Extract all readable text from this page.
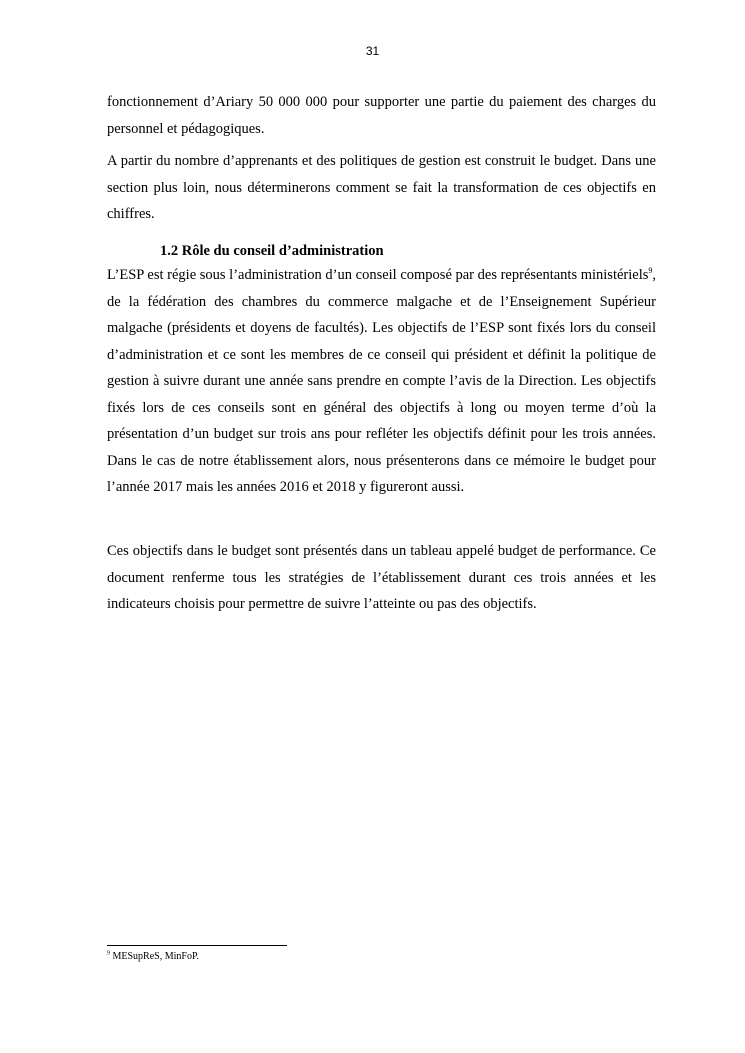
31

fonctionnement d’Ariary 50 000 000 pour supporter une partie du paiement des charges du personnel et pédagogiques.

A partir du nombre d’apprenants et des politiques de gestion est construit le budget. Dans une section plus loin, nous déterminerons comment se fait la transformation de ces objectifs en chiffres.

1.2 Rôle du conseil d’administration

L’ESP est régie sous l’administration d’un conseil composé par des représentants ministériels$^9$, de la fédération des chambres du commerce malgache et de l’Enseignement Supérieur malgache (présidents et doyens de facultés). Les objectifs de l’ESP sont fixés lors du conseil d’administration et ce sont les membres de ce conseil qui président et définit la politique de gestion à suivre durant une année sans prendre en compte l’avis de la Direction. Les objectifs fixés lors de ces conseils sont en général des objectifs à long ou moyen terme d’où la présentation d’un budget sur trois ans pour refléter les objectifs définit pour les trois années. Dans le cas de notre établissement alors, nous présenterons dans ce mémoire le budget pour l’année 2017 mais les années 2016 et 2018 y figureront aussi.

Ces objectifs dans le budget sont présentés dans un tableau appelé budget de performance. Ce document renferme tous les stratégies de l’établissement durant ces trois années et les indicateurs choisis pour permettre de suivre l’atteinte ou pas des objectifs.

$^9$ MESupReS, MinFoP.
